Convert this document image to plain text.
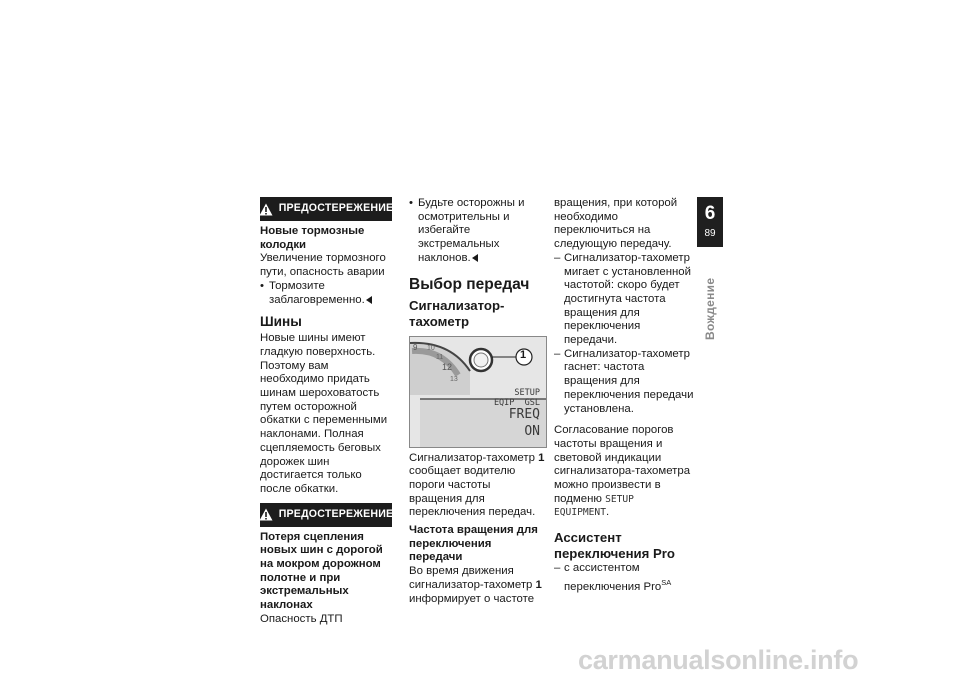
ПРЕДОСТЕРЕЖЕНИЕ

Новые тормозные колодки

Увеличение тормозного пути, опасность аварии

• Тормозите заблаговременно.

Шины

Новые шины имеют гладкую поверхность. Поэтому вам необходимо придать шинам шероховатость путем осторожной обкатки с переменными наклонами. Полная сцепляемость беговых дорожек шин достигается только после обкатки.

ПРЕДОСТЕРЕЖЕНИЕ

Потеря сцепления новых шин с дорогой на мокром дорожном полотне и при экстремальных наклонах

Опасность ДТП

• Будьте осторожны и осмотрительны и избегайте экстремальных наклонов.

Выбор передач

Сигнализатор-тахометр

1
9 10
11
12
13
SETUP
EQIP  GSL
FREQ
ON

Сигнализатор-тахометр 1 сообщает водителю пороги частоты вращения для переключения передач.

Частота вращения для переключения передачи

Во время движения сигнализатор-тахометр 1 информирует о частоте

вращения, при которой необходимо переключиться на следующую передачу.

– Сигнализатор-тахометр мигает с установленной частотой: скоро будет достигнута частота вращения для переключения передачи.
– Сигнализатор-тахометр гаснет: частота вращения для переключения передачи установлена.

Согласование порогов частоты вращения и световой индикации сигнализатора-тахометра можно произвести в подменю SETUP EQUIPMENT.

Ассистент переключения Pro

– с ассистентом переключения Pro$^{SA}$
6
89
Вождение
carmanualsonline.info
